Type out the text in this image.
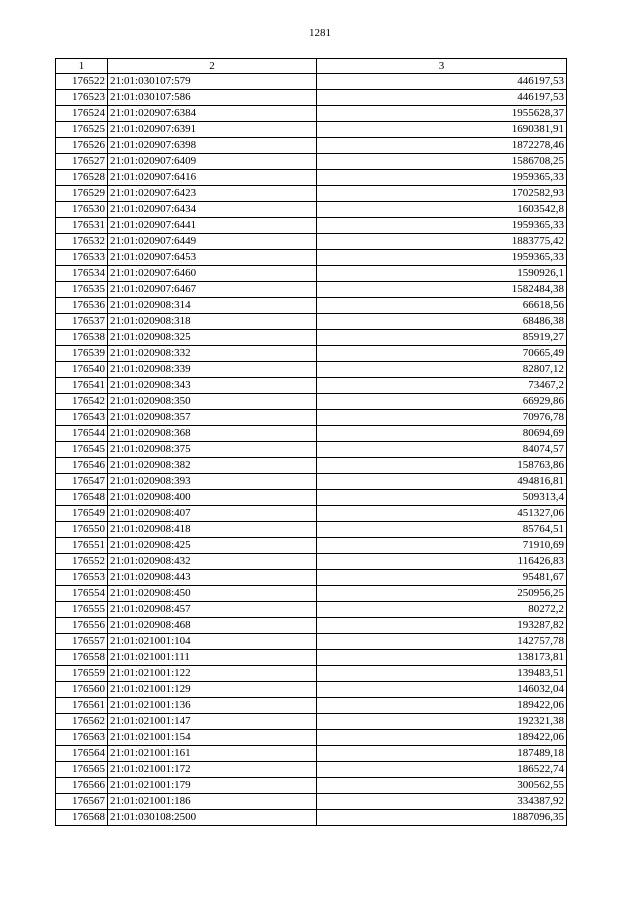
1281
1	2	3
176522	21:01:030107:579	446197,53
176523	21:01:030107:586	446197,53
176524	21:01:020907:6384	1955628,37
176525	21:01:020907:6391	1690381,91
176526	21:01:020907:6398	1872278,46
176527	21:01:020907:6409	1586708,25
176528	21:01:020907:6416	1959365,33
176529	21:01:020907:6423	1702582,93
176530	21:01:020907:6434	1603542,8
176531	21:01:020907:6441	1959365,33
176532	21:01:020907:6449	1883775,42
176533	21:01:020907:6453	1959365,33
176534	21:01:020907:6460	1590926,1
176535	21:01:020907:6467	1582484,38
176536	21:01:020908:314	66618,56
176537	21:01:020908:318	68486,38
176538	21:01:020908:325	85919,27
176539	21:01:020908:332	70665,49
176540	21:01:020908:339	82807,12
176541	21:01:020908:343	73467,2
176542	21:01:020908:350	66929,86
176543	21:01:020908:357	70976,78
176544	21:01:020908:368	80694,69
176545	21:01:020908:375	84074,57
176546	21:01:020908:382	158763,86
176547	21:01:020908:393	494816,81
176548	21:01:020908:400	509313,4
176549	21:01:020908:407	451327,06
176550	21:01:020908:418	85764,51
176551	21:01:020908:425	71910,69
176552	21:01:020908:432	116426,83
176553	21:01:020908:443	95481,67
176554	21:01:020908:450	250956,25
176555	21:01:020908:457	80272,2
176556	21:01:020908:468	193287,82
176557	21:01:021001:104	142757,78
176558	21:01:021001:111	138173,81
176559	21:01:021001:122	139483,51
176560	21:01:021001:129	146032,04
176561	21:01:021001:136	189422,06
176562	21:01:021001:147	192321,38
176563	21:01:021001:154	189422,06
176564	21:01:021001:161	187489,18
176565	21:01:021001:172	186522,74
176566	21:01:021001:179	300562,55
176567	21:01:021001:186	334387,92
176568	21:01:030108:2500	1887096,35
